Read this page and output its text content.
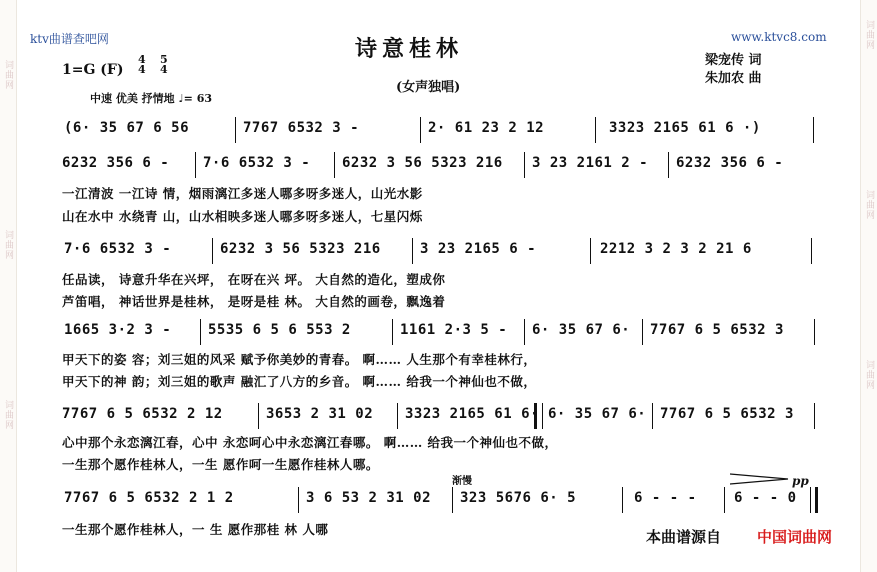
词曲网
词曲网
词曲网
词曲网
词曲网
词曲网
ktv曲谱查吧网	www.ktvc8.com
诗意桂林
(女声独唱)
梁宠传 词
朱加农 曲
1=G (F)
4
4
5
4
中速 优美 抒情地 ♩= 63
(6· 35 67 6 56	7767 6532 3 -	2· 61 23 2 12	3323 2165 61 6 ·)
6232 356 6 - 7·6 6532 3 - 6232 3 56 5323 216 3 23 2161 2 - 6232 356 6 -
一江清波 一江诗 情，烟雨漓江多迷人哪多呀多迷人，山光水影
山在水中 水绕青 山，山水相映多迷人哪多呀多迷人，七星闪烁
7·6 6532 3 -	6232 3 56 5323 216	3 23 2165 6 -	2212 3 2 3 2 21 6
任品读， 诗意升华在兴坪， 在呀在兴 坪。 大自然的造化，塑成你
芦笛唱， 神话世界是桂林， 是呀是桂 林。 大自然的画卷，飘逸着
1665 3·2 3 -	5535 6 5 6 553 2	1161 2·3 5 - 6· 35 67 6· 7767 6 5 6532 3
甲天下的姿 容；刘三姐的风采 赋予你美妙的青春。 啊…… 人生那个有幸桂林行，
甲天下的神 韵；刘三姐的歌声 融汇了八方的乡音。 啊…… 给我一个神仙也不做，
7767 6 5 6532 2 12	3653 2 31 02 3323 2165 61 6· 6· 35 67 6· 7767 6 5 6532 3
心中那个永恋漓江春，心中 永恋呵心中永恋漓江春哪。 啊…… 给我一个神仙也不做，
一生那个愿作桂林人，一生 愿作呵一生愿作桂林人哪。
渐慢	pp
7767 6 5 6532 2 1 2	3 6 53 2 31 02 323 5676 6· 5	6 - - -	6 - - 0
一生那个愿作桂林人，一 生 愿作那桂 林 人哪	本曲谱源自 中国词曲网
